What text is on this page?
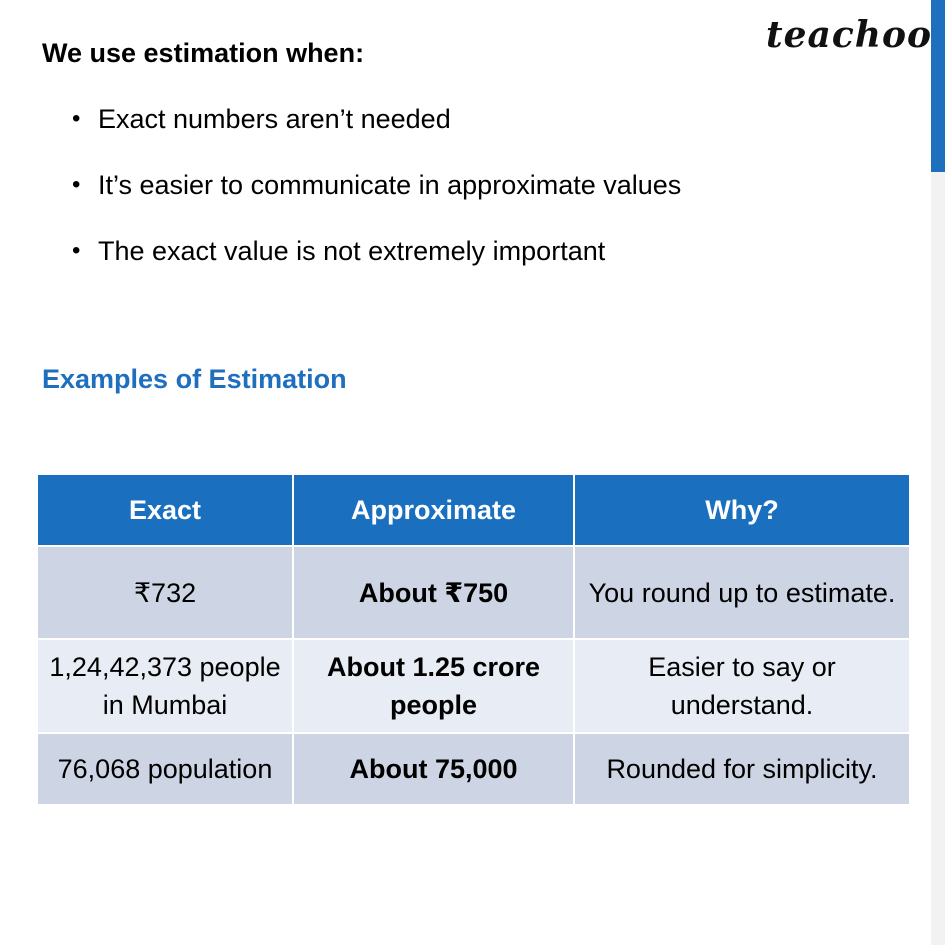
teachoo
We use estimation when:
• Exact numbers aren’t needed
• It’s easier to communicate in approximate values
• The exact value is not extremely important
Examples of Estimation
Exact	Approximate	Why?
₹732	About ₹750	You round up to estimate.
1,24,42,373 people in Mumbai	About 1.25 crore people	Easier to say or understand.
76,068 population	About 75,000	Rounded for simplicity.
